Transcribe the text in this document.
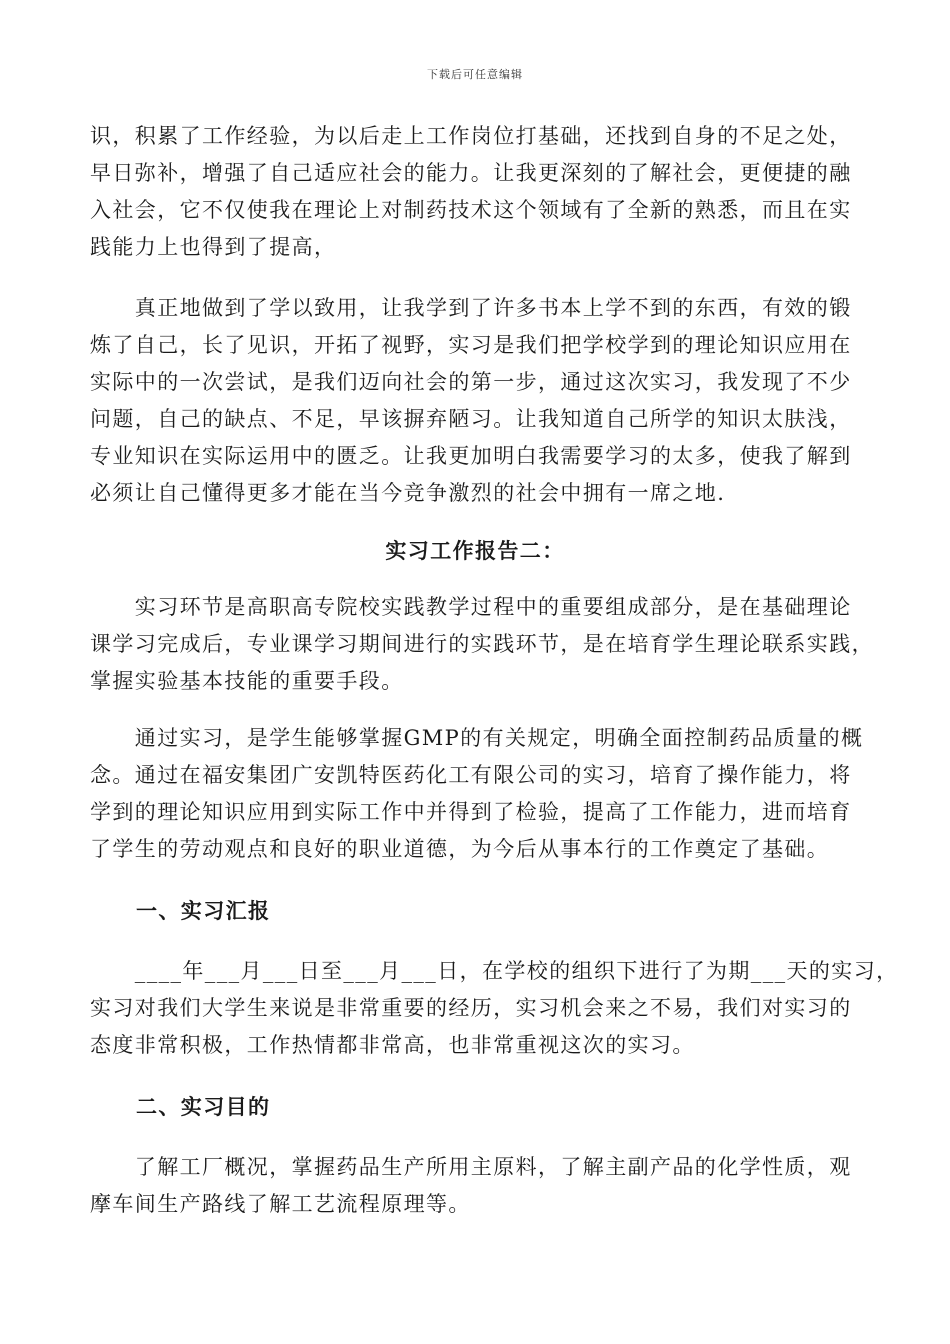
下载后可任意编辑

识，积累了工作经验，为以后走上工作岗位打基础，还找到自身的不足之处，
早日弥补，增强了自己适应社会的能力。让我更深刻的了解社会，更便捷的融
入社会，它不仅使我在理论上对制药技术这个领域有了全新的熟悉，而且在实
践能力上也得到了提高，

　　真正地做到了学以致用，让我学到了许多书本上学不到的东西，有效的锻
炼了自己，长了见识，开拓了视野，实习是我们把学校学到的理论知识应用在
实际中的一次尝试，是我们迈向社会的第一步，通过这次实习，我发现了不少
问题，自己的缺点、不足，早该摒弃陋习。让我知道自己所学的知识太肤浅，
专业知识在实际运用中的匮乏。让我更加明白我需要学习的太多，使我了解到
必须让自己懂得更多才能在当今竞争激烈的社会中拥有一席之地.

实习工作报告二：

　　实习环节是高职高专院校实践教学过程中的重要组成部分，是在基础理论
课学习完成后，专业课学习期间进行的实践环节，是在培育学生理论联系实践，
掌握实验基本技能的重要手段。

　　通过实习，是学生能够掌握GMP的有关规定，明确全面控制药品质量的概
念。通过在福安集团广安凯特医药化工有限公司的实习，培育了操作能力，将
学到的理论知识应用到实际工作中并得到了检验，提高了工作能力，进而培育
了学生的劳动观点和良好的职业道德，为今后从事本行的工作奠定了基础。

一、实习汇报

　　____年___月___日至___月___日，在学校的组织下进行了为期___天的实习，
实习对我们大学生来说是非常重要的经历，实习机会来之不易，我们对实习的
态度非常积极，工作热情都非常高，也非常重视这次的实习。

二、实习目的

　　了解工厂概况，掌握药品生产所用主原料，了解主副产品的化学性质，观
摩车间生产路线了解工艺流程原理等。
